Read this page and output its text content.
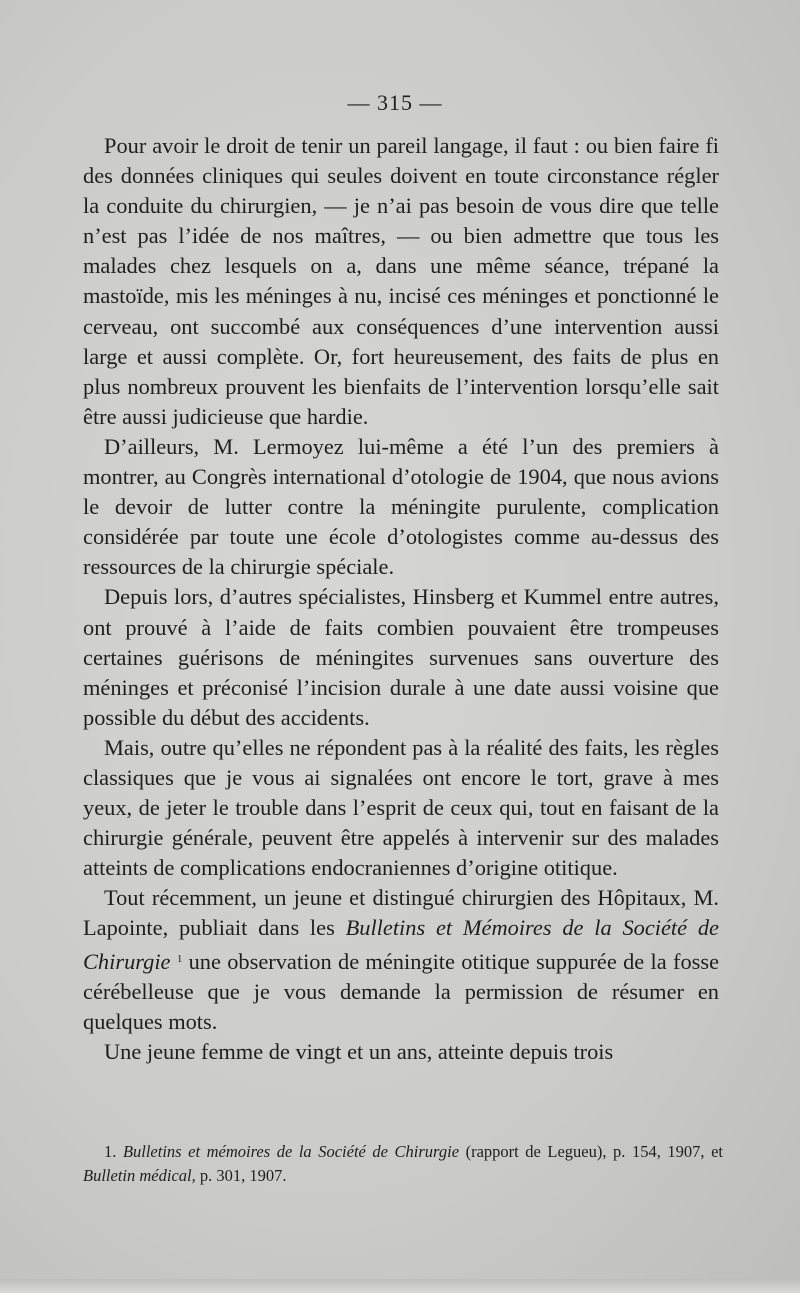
— 315 —

Pour avoir le droit de tenir un pareil langage, il faut : ou bien faire fi des données cliniques qui seules doivent en toute circonstance régler la conduite du chirurgien, — je n’ai pas besoin de vous dire que telle n’est pas l’idée de nos maîtres, — ou bien admettre que tous les malades chez lesquels on a, dans une même séance, trépané la mastoïde, mis les méninges à nu, incisé ces méninges et ponctionné le cerveau, ont succombé aux conséquences d’une intervention aussi large et aussi complète. Or, fort heureusement, des faits de plus en plus nombreux prouvent les bienfaits de l’intervention lorsqu’elle sait être aussi judicieuse que hardie.

D’ailleurs, M. Lermoyez lui-même a été l’un des premiers à montrer, au Congrès international d’otologie de 1904, que nous avions le devoir de lutter contre la méningite purulente, complication considérée par toute une école d’otologistes comme au-dessus des ressources de la chirurgie spéciale.

Depuis lors, d’autres spécialistes, Hinsberg et Kummel entre autres, ont prouvé à l’aide de faits combien pouvaient être trompeuses certaines guérisons de méningites survenues sans ouverture des méninges et préconisé l’incision durale à une date aussi voisine que possible du début des accidents.

Mais, outre qu’elles ne répondent pas à la réalité des faits, les règles classiques que je vous ai signalées ont encore le tort, grave à mes yeux, de jeter le trouble dans l’esprit de ceux qui, tout en faisant de la chirurgie générale, peuvent être appelés à intervenir sur des malades atteints de complications endocraniennes d’origine otitique.

Tout récemment, un jeune et distingué chirurgien des Hôpitaux, M. Lapointe, publiait dans les Bulletins et Mémoires de la Société de Chirurgie $^1$ une observation de méningite otitique suppurée de la fosse cérébelleuse que je vous demande la permission de résumer en quelques mots.

Une jeune femme de vingt et un ans, atteinte depuis trois

1. Bulletins et mémoires de la Société de Chirurgie (rapport de Legueu), p. 154, 1907, et Bulletin médical, p. 301, 1907.
